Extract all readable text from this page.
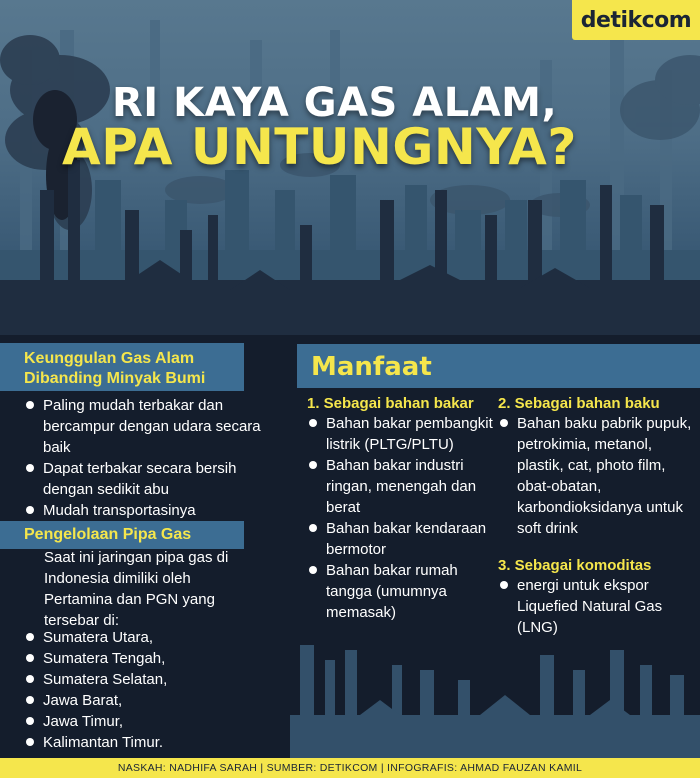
detikcom
RI KAYA GAS ALAM,
APA UNTUNGNYA?
Keunggulan Gas Alam
Dibanding Minyak Bumi
Paling mudah terbakar dan bercampur dengan udara secara baik
Dapat terbakar secara bersih dengan sedikit abu
Mudah transportasinya
Pengelolaan Pipa Gas
Saat ini jaringan pipa gas di Indonesia dimiliki oleh Pertamina dan PGN yang tersebar di:
Sumatera Utara,
Sumatera Tengah,
Sumatera Selatan,
Jawa Barat,
Jawa Timur,
Kalimantan Timur.
Manfaat
1. Sebagai bahan bakar
Bahan bakar pembangkit listrik (PLTG/PLTU)
Bahan bakar industri ringan, menengah dan berat
Bahan bakar kendaraan bermotor
Bahan bakar rumah tangga (umumnya memasak)
2. Sebagai bahan baku
Bahan baku pabrik pupuk, petrokimia, metanol, plastik, cat, photo film, obat-obatan, karbondioksidanya untuk soft drink
3. Sebagai komoditas
energi untuk ekspor Liquefied Natural Gas (LNG)
NASKAH: NADHIFA SARAH | SUMBER: DETIKCOM | INFOGRAFIS: AHMAD FAUZAN KAMIL
